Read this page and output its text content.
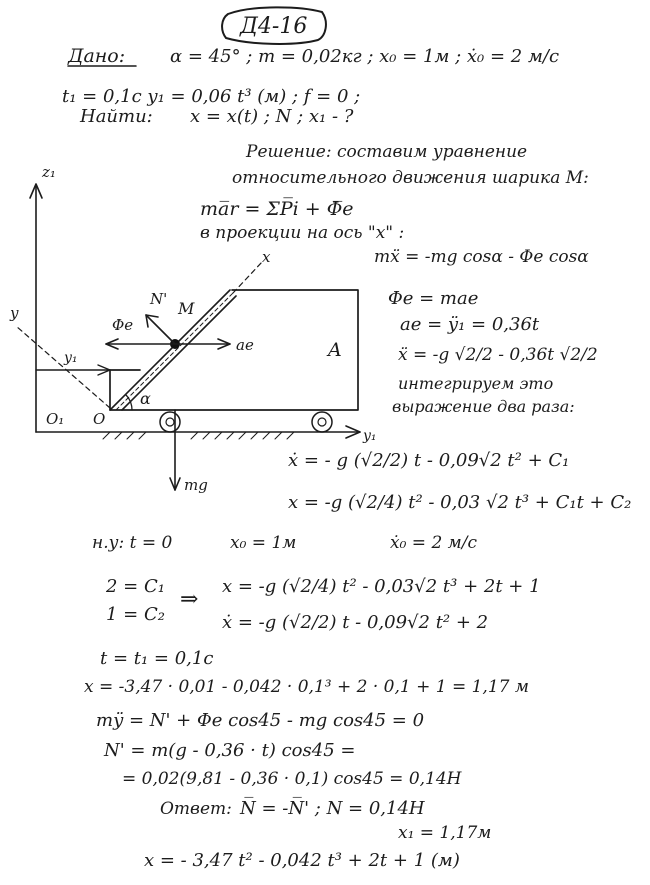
Д4-16
Дано: α = 45° ; m = 0,02кг ; x₀ = 1м ; ẋ₀ = 2 м/с
t₁ = 0,1с y₁ = 0,06 t³ (м) ; f = 0 ;
Найти: x = x(t) ; N ; x₁ - ?
Решение: составим уравнение
относительного движения шарика М:
ma̅r = ΣP̅i + Φ̅e
в проекции на ось "x" :
mẍ = -mg cosα - Φe cosα
Φe = mae
ae = ÿ₁ = 0,36t
ẍ = -g √2/2 - 0,36t √2/2
интегрируем это
выражение два раза:
z₁
y₁
y
y₁
O₁ O
A
x
α
M
N'
Φe
ae
mg
ẋ = - g (√2/2) t - 0,09√2 t² + C₁
x = -g (√2/4) t² - 0,03 √2 t³ + C₁t + C₂
н.у: t = 0	x₀ = 1м	ẋ₀ = 2 м/с
2 = C₁
1 = C₂
⇒
x = -g (√2/4) t² - 0,03√2 t³ + 2t + 1
ẋ = -g (√2/2) t - 0,09√2 t² + 2
t = t₁ = 0,1с
x = -3,47 · 0,01 - 0,042 · 0,1³ + 2 · 0,1 + 1 = 1,17 м
mÿ = N' + Φe cos45 - mg cos45 = 0
N' = m(g - 0,36 · t) cos45 =
= 0,02(9,81 - 0,36 · 0,1) cos45 = 0,14Н
Ответ: N̅ = -N̅' ; N = 0,14Н
x₁ = 1,17м
x = - 3,47 t² - 0,042 t³ + 2t + 1 (м)
